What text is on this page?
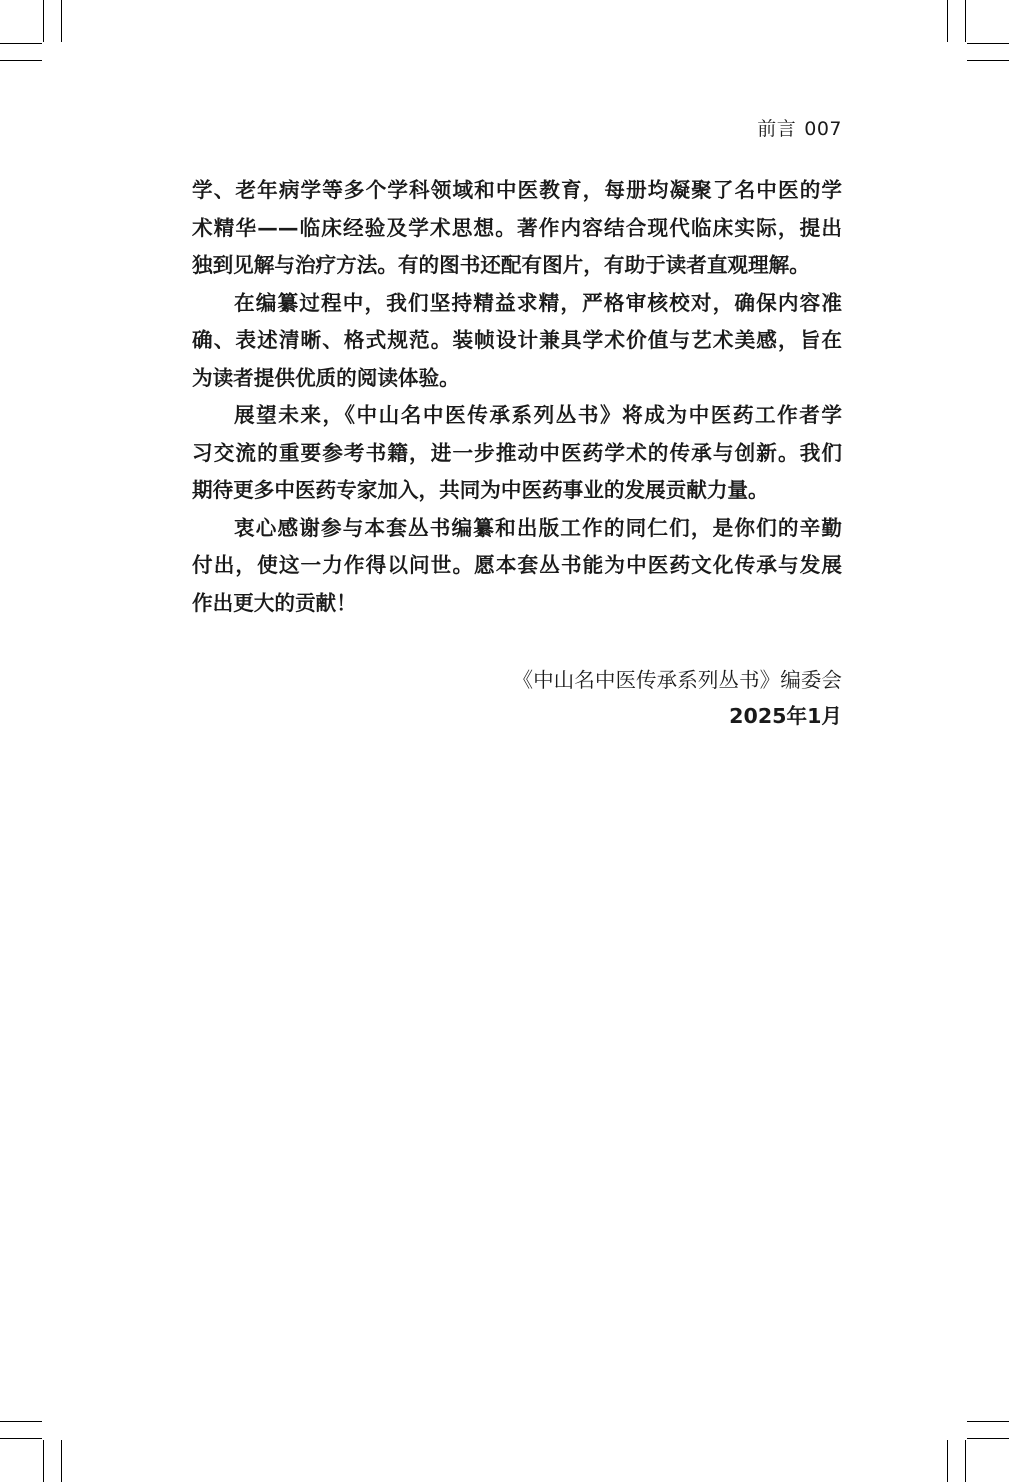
前言 007
学、老年病学等多个学科领域和中医教育，每册均凝聚了名中医的学
术精华——临床经验及学术思想。著作内容结合现代临床实际，提出
独到见解与治疗方法。有的图书还配有图片，有助于读者直观理解。
在编纂过程中，我们坚持精益求精，严格审核校对，确保内容准
确、表述清晰、格式规范。装帧设计兼具学术价值与艺术美感，旨在
为读者提供优质的阅读体验。
展望未来，《中山名中医传承系列丛书》将成为中医药工作者学
习交流的重要参考书籍，进一步推动中医药学术的传承与创新。我们
期待更多中医药专家加入，共同为中医药事业的发展贡献力量。
衷心感谢参与本套丛书编纂和出版工作的同仁们，是你们的辛勤
付出，使这一力作得以问世。愿本套丛书能为中医药文化传承与发展
作出更大的贡献！
《中山名中医传承系列丛书》编委会
2025年1月
